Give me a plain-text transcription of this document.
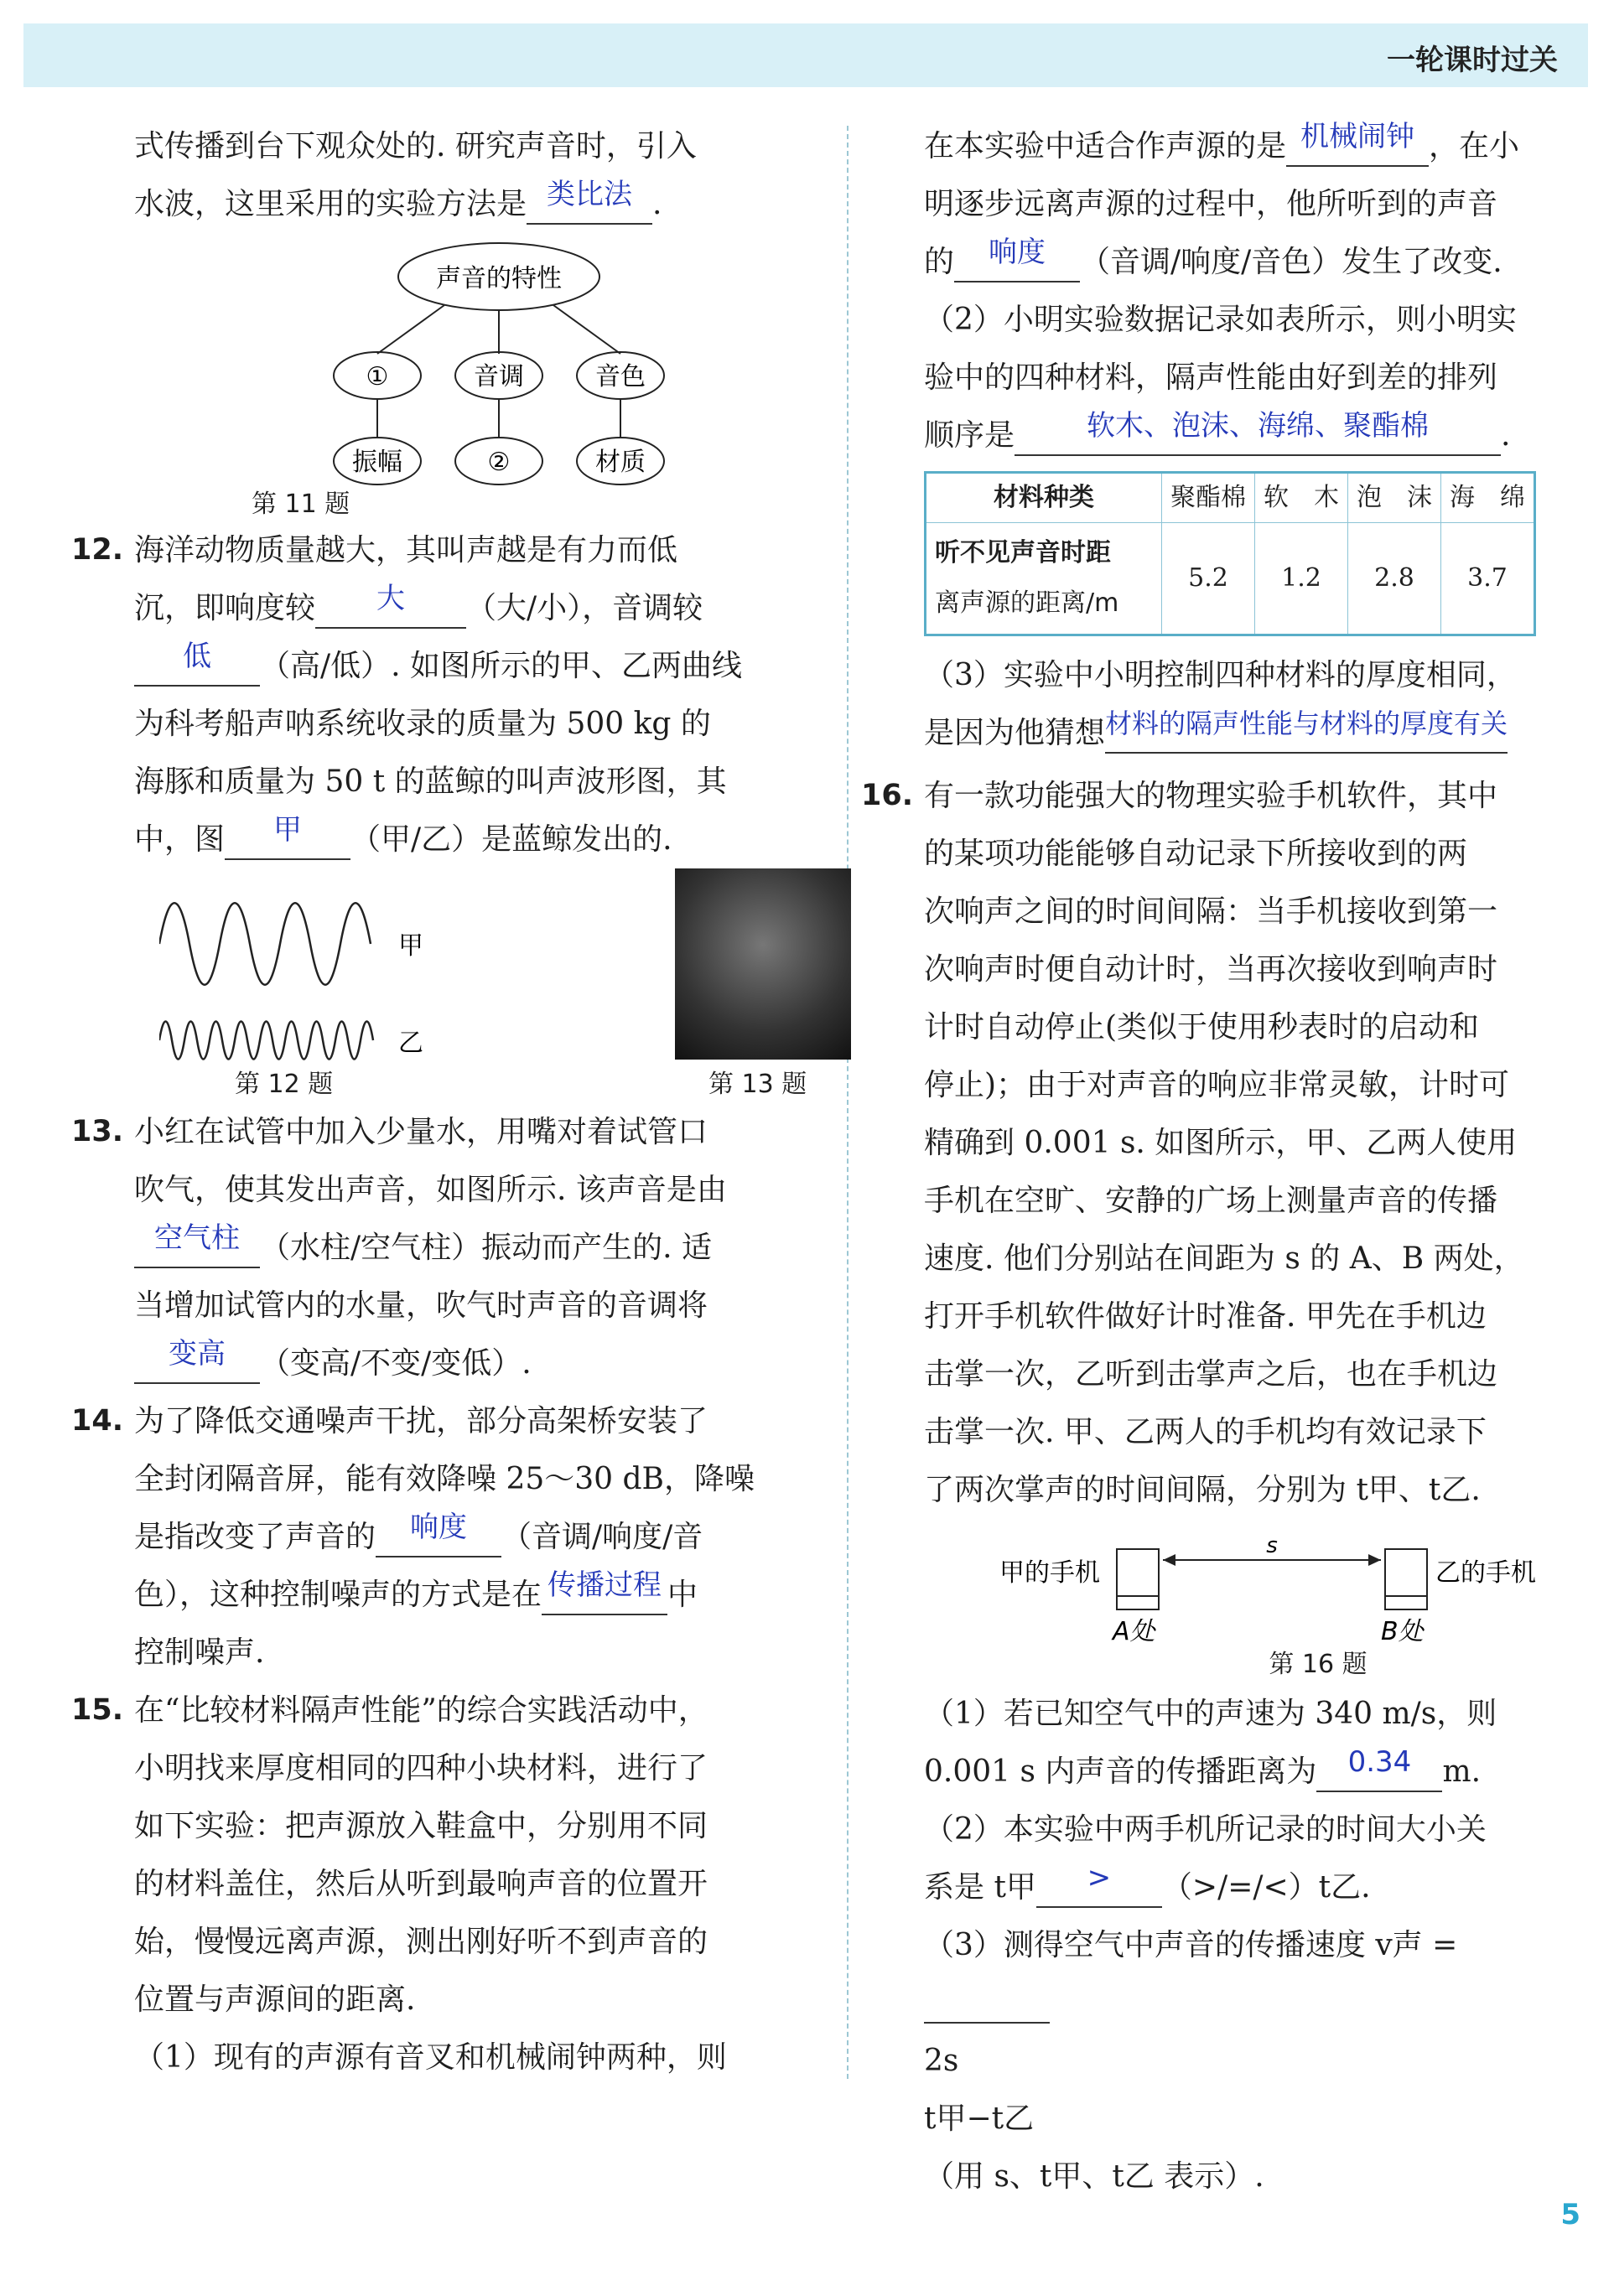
一轮课时过关

式传播到台下观众处的. 研究声音时，引入

水波，这里采用的实验方法是 类比法 .

声音的特性
①	音调	音色
振幅	②	材质
第 11 题
12. 海洋动物质量越大，其叫声越是有力而低

沉，即响度较 大 （大/小），音调较

低 （高/低）. 如图所示的甲、乙两曲线

为科考船声呐系统收录的质量为 500 kg 的

海豚和质量为 50 t 的蓝鲸的叫声波形图，其

中，图 甲 （甲/乙）是蓝鲸发出的.

甲
乙
第 12 题	第 13 题
13. 小红在试管中加入少量水，用嘴对着试管口

吹气，使其发出声音，如图所示. 该声音是由

空气柱 （水柱/空气柱）振动而产生的. 适

当增加试管内的水量，吹气时声音的音调将

变高 （变高/不变/变低）.

14. 为了降低交通噪声干扰，部分高架桥安装了

全封闭隔音屏，能有效降噪 25～30 dB，降噪

是指改变了声音的 响度 （音调/响度/音

色），这种控制噪声的方式是在 传播过程 中

控制噪声.

15. 在“比较材料隔声性能”的综合实践活动中，

小明找来厚度相同的四种小块材料，进行了

如下实验：把声源放入鞋盒中，分别用不同

的材料盖住，然后从听到最响声音的位置开

始，慢慢远离声源，测出刚好听不到声音的

位置与声源间的距离.

（1）现有的声源有音叉和机械闹钟两种，则

在本实验中适合作声源的是 机械闹钟 ，在小

明逐步远离声源的过程中，他所听到的声音

的 响度 （音调/响度/音色）发生了改变.

（2）小明实验数据记录如表所示，则小明实

验中的四种材料，隔声性能由好到差的排列

顺序是	软木、泡沫、海绵、聚酯棉 .

材料种类	聚酯棉	软　木	泡　沫	海　绵

听不见声音时距
离声源的距离/m	5.2	1.2	2.8	3.7

（3）实验中小明控制四种材料的厚度相同，

是因为他猜想材料的隔声性能与材料的厚度有关

16. 有一款功能强大的物理实验手机软件，其中

的某项功能能够自动记录下所接收到的两

次响声之间的时间间隔：当手机接收到第一

次响声时便自动计时，当再次接收到响声时

计时自动停止(类似于使用秒表时的启动和

停止)；由于对声音的响应非常灵敏，计时可

精确到 0.001 s. 如图所示，甲、乙两人使用

手机在空旷、安静的广场上测量声音的传播

速度. 他们分别站在间距为 s 的 A、B 两处，

打开手机软件做好计时准备. 甲先在手机边

击掌一次，乙听到击掌声之后，也在手机边

击掌一次. 甲、乙两人的手机均有效记录下

了两次掌声的时间间隔，分别为 t甲、t乙.

甲的手机
s
乙的手机
A处	B处
第 16 题

（1）若已知空气中的声速为 340 m/s，则

0.001 s 内声音的传播距离为 0.34 m.

（2）本实验中两手机所记录的时间大小关

系是 t甲 > （>/=/<）t乙.

（3）测得空气中声音的传播速度 v声 =

2s
t甲−t乙
（用 s、t甲、t乙 表示）.

5
